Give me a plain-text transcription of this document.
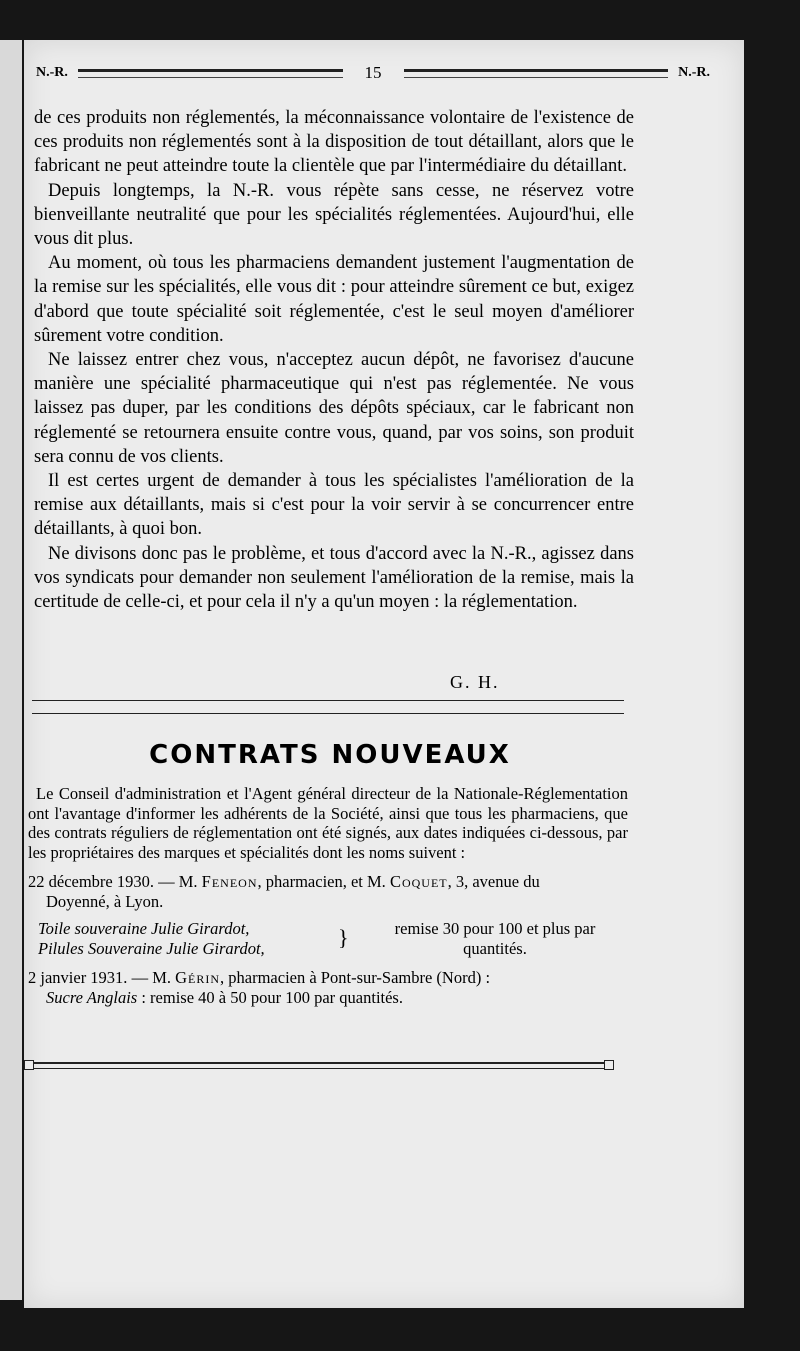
N.-R.	15	N.-R.

de ces produits non réglementés, la méconnaissance volontaire de l'existence de ces produits non réglementés sont à la disposition de tout détaillant, alors que le fabricant ne peut atteindre toute la clientèle que par l'intermédiaire du détaillant.

Depuis longtemps, la N.-R. vous répète sans cesse, ne réservez votre bienveillante neutralité que pour les spécialités réglementées. Aujourd'hui, elle vous dit plus.

Au moment, où tous les pharmaciens demandent justement l'augmentation de la remise sur les spécialités, elle vous dit : pour atteindre sûrement ce but, exigez d'abord que toute spécialité soit réglementée, c'est le seul moyen d'améliorer sûrement votre condition.

Ne laissez entrer chez vous, n'acceptez aucun dépôt, ne favorisez d'aucune manière une spécialité pharmaceutique qui n'est pas réglementée. Ne vous laissez pas duper, par les conditions des dépôts spéciaux, car le fabricant non réglementé se retournera ensuite contre vous, quand, par vos soins, son produit sera connu de vos clients.

Il est certes urgent de demander à tous les spécialistes l'amélioration de la remise aux détaillants, mais si c'est pour la voir servir à se concurrencer entre détaillants, à quoi bon.

Ne divisons donc pas le problème, et tous d'accord avec la N.-R., agissez dans vos syndicats pour demander non seulement l'amélioration de la remise, mais la certitude de celle-ci, et pour cela il n'y a qu'un moyen : la réglementation.

G. H.
CONTRATS NOUVEAUX

Le Conseil d'administration et l'Agent général directeur de la Nationale-Réglementation ont l'avantage d'informer les adhérents de la Société, ainsi que tous les pharmaciens, que des contrats réguliers de réglementation ont été signés, aux dates indiquées ci-dessous, par les propriétaires des marques et spécialités dont les noms suivent :

22 décembre 1930. — M. Feneon, pharmacien, et M. Coquet, 3, avenue du
Doyenné, à Lyon.
Toile souveraine Julie Girardot,
Pilules Souveraine Julie Girardot,	}	remise 30 pour 100 et plus par
quantités.
2 janvier 1931. — M. Gérin, pharmacien à Pont-sur-Sambre (Nord) :
Sucre Anglais : remise 40 à 50 pour 100 par quantités.
